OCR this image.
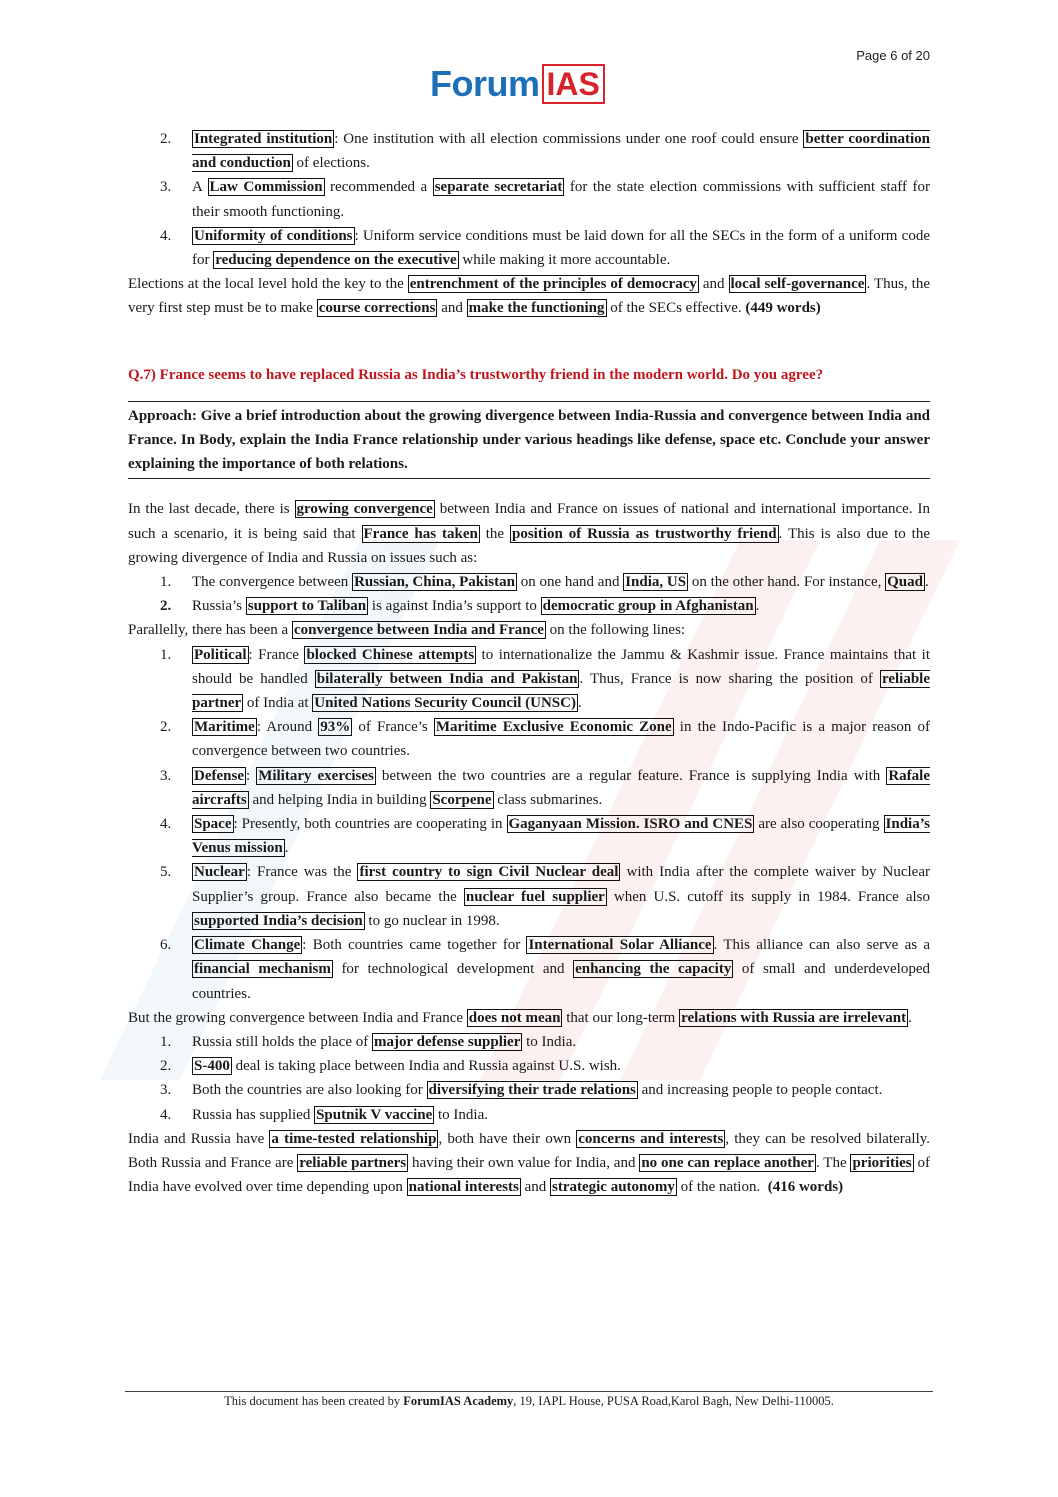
Page 6 of 20
Forum IAS
2. Integrated institution : One institution with all election commissions under one roof could ensure better coordination and conduction of elections.
3. A Law Commission recommended a separate secretariat for the state election commissions with sufficient staff for their smooth functioning.
4. Uniformity of conditions : Uniform service conditions must be laid down for all the SECs in the form of a uniform code for reducing dependence on the executive while making it more accountable.

Elections at the local level hold the key to the entrenchment of the principles of democracy and local self-governance . Thus, the very first step must be to make course corrections and make the functioning of the SECs effective. (449 words)

Q.7) France seems to have replaced Russia as India’s trustworthy friend in the modern world. Do you agree?

Approach: Give a brief introduction about the growing divergence between India-Russia and convergence between India and France. In Body, explain the India France relationship under various headings like defense, space etc. Conclude your answer explaining the importance of both relations.

In the last decade, there is growing convergence between India and France on issues of national and international importance. In such a scenario, it is being said that France has taken the position of Russia as trustworthy friend . This is also due to the growing divergence of India and Russia on issues such as:

1. The convergence between Russian, China, Pakistan on one hand and India, US on the other hand. For instance, Quad .
2. Russia’s support to Taliban is against India’s support to democratic group in Afghanistan .

Parallelly, there has been a convergence between India and France on the following lines:

1. Political : France blocked Chinese attempts to internationalize the Jammu & Kashmir issue. France maintains that it should be handled bilaterally between India and Pakistan . Thus, France is now sharing the position of reliable partner of India at United Nations Security Council (UNSC) .
2. Maritime : Around 93% of France’s Maritime Exclusive Economic Zone in the Indo-Pacific is a major reason of convergence between two countries.
3. Defense : Military exercises between the two countries are a regular feature. France is supplying India with Rafale aircrafts and helping India in building Scorpene class submarines.
4. Space : Presently, both countries are cooperating in Gaganyaan Mission. ISRO and CNES are also cooperating India’s Venus mission .
5. Nuclear : France was the first country to sign Civil Nuclear deal with India after the complete waiver by Nuclear Supplier’s group. France also became the nuclear fuel supplier when U.S. cutoff its supply in 1984. France also supported India’s decision to go nuclear in 1998.
6. Climate Change : Both countries came together for International Solar Alliance . This alliance can also serve as a financial mechanism for technological development and enhancing the capacity of small and underdeveloped countries.

But the growing convergence between India and France does not mean that our long-term relations with Russia are irrelevant .

1. Russia still holds the place of major defense supplier to India.
2. S-400 deal is taking place between India and Russia against U.S. wish.
3. Both the countries are also looking for diversifying their trade relations and increasing people to people contact.
4. Russia has supplied Sputnik V vaccine to India.

India and Russia have a time-tested relationship , both have their own concerns and interests , they can be resolved bilaterally. Both Russia and France are reliable partners having their own value for India, and no one can replace another . The priorities of India have evolved over time depending upon national interests and strategic autonomy of the nation. (416 words)

This document has been created by ForumIAS Academy, 19, IAPL House, PUSA Road,Karol Bagh, New Delhi-110005.
